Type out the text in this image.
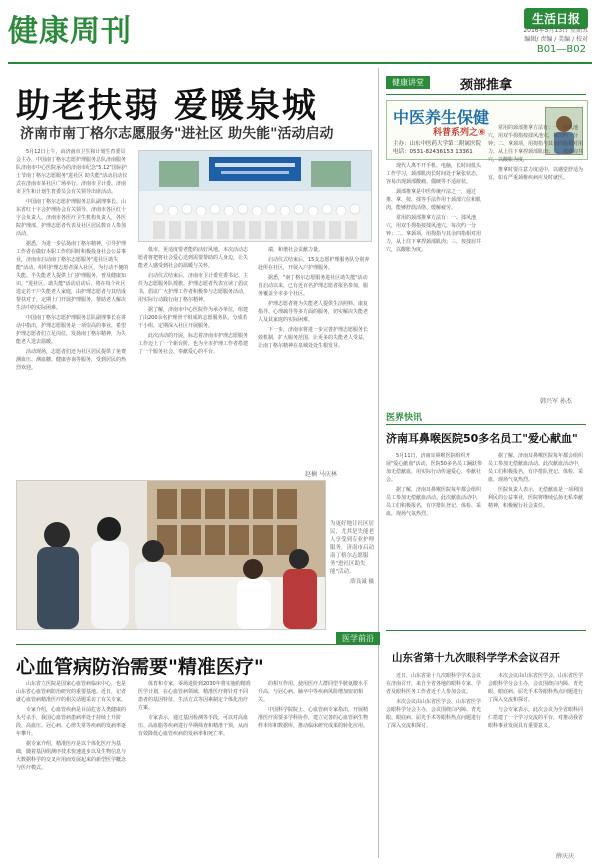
健康周刊	生活日报
2016年5月13日 星期五
编辑/ 责编 / 美编 / 校对
B01—B02
助老扶弱 爱暖泉城
济南市南丁格尔志愿服务"进社区 助失能"活动启动

5月12日上午，由济南市卫生和计划生育委员会主办，中国南丁格尔志愿护理服务总队济南服务队济南市中心医院承办的济南市纪念"5.12"国际护士节南丁格尔志愿服务"进社区 助失能"活动启动仪式在济南市某社区广场举行。济南市卫计委、济南市卫生和计划生育委员会有关领导出席活动。

中国南丁格尔志愿护理服务总队副理事长、山东省红十字会护理协会有关领导、济南市各区红十字会负责人、济南市各医疗卫生机构负责人，各医院护理部、护理志愿者代表及社区居民数百人参加活动。

据悉，为进一步弘扬南丁格尔精神，引导护理工作者在做好本职工作的同时积极投身社会公益事业，济南市启动南丁格尔志愿服务"进社区助失能"活动，组织护理志愿者深入社区，为行动不便的失能、半失能老人提供上门护理服务，普及健康知识。 "进社区、助失能"活动启动后，将在每个社区选定若干户失能老人家庭，由护理志愿者与其结成帮扶对子，定期上门开展护理服务，帮助老人解决生活中的实际困难。

中国南丁格尔志愿护理服务总队副理事长在讲话中指出，护理志愿服务是一项崇高的事业，希望护理志愿者们立足岗位，发扬南丁格尔精神，为失能老人送去温暖。

活动现场，志愿者们还为社区居民提供了免费测血压、测血糖、健康咨询等服务，受到居民的热烈欢迎。

低市，更适度要老能的活好风地。本次活动志愿者将把将社会爱心送到需要帮助的人身边，让失能老人感受到社会的温暖与关怀。

启动仪式结束后，济南市卫计委党委书记、主任为志愿服务队授旗。护理志愿者代表宣读了倡议书，倡议广大护理工作者积极参与志愿服务活动，用实际行动践行南丁格尔精神。

据了解，济南市中心医院作为承办单位，组建了由200余名护理骨干组成的志愿服务队，分成若干小组，定期深入社区开展服务。

此次活动的开展，标志着济南市护理志愿服务工作迈上了一个新台阶，也为全市护理工作者搭建了一个服务社会、奉献爱心的平台。

端，和谐社会贡献力量。

启动仪式结束后，15支志愿护理服务队分别奔赴所在社区，开展入户护理服务。

据悉，"南丁格尔志愿服务进社区助失能"活动自启动以来，已有近百名护理志愿者报名参加，服务覆盖全市多个社区。

护理志愿者将为失能老人提供生活照料、康复指导、心理疏导等多方面的服务，切实解决失能老人及其家庭的实际困难。

下一步，济南市将进一步完善护理志愿服务长效机制，扩大服务范围，让更多的失能老人受益，让南丁格尔精神在泉城处处生根发芽。

赵楠 马庆林
为更好地让社区居民，尤其是失能老人享受到专业护理服务，济南市启动南丁格尔志愿服务"进社区助失能"活动。
薛良诚 摄
医学前沿
心血管病防治需要"精准医疗"

山东省立医院是国家心血管病临床中心，也是山东省心血管病防治研究的重要基地。近日，记者就心血管病精准医疗的相关话题采访了有关专家。

专家介绍，心血管疾病是目前危害人类健康的头号杀手，我国心血管病患病率处于持续上升阶段，高血压、冠心病、心律失常等疾病的发病率逐年攀升。

据专家介绍，精准医疗是以个体化医疗为基础，随着基因组测序技术快速进步以及生物信息与大数据科学的交叉应用而发展起来的新型医学概念与医疗模式。

体育和专家，零场进阶到2030年将实施的精准医学计划，在心血管病领域，精准医疗将针对不同患者的基因特征、生活方式等因素制定个体化治疗方案。

专家表示，通过基因检测等手段，可以对高血压、高血脂等疾病进行早期筛查和精准干预，从而有效降低心血管疾病的发病率和死亡率。

的相互作用。使用医疗人群同型半胱氨酸水平升高，与冠心病、脑卒中等疾病风险增加密切相关。

中国科学院院士、心血管病专家指出，开展精准医疗需要多学科协作，建立完善的心血管病生物样本库和数据库，推动临床研究成果的转化应用。

健康讲堂	颈部推拿
中医养生保健
科普系列之⑥
主办：山东中医药大学第二附属医院
电话：0531-82436153 13361

现代人离不开手机、电脑，长时间低头工作学习，颈部肌肉长时间处于紧张状态，容易出现颈部酸痛、僵硬等不适症状。

颈部推拿是中医传统疗法之一，通过推、拿、按、揉等手法作用于颈部穴位和肌肉，能够舒筋活络、缓解疲劳。

常用的颈部推拿方法有：一、揉风池穴，用双手拇指按揉风池穴，每次约一分钟；二、拿颈项，用拇指与其余四指相对用力，从上往下拿捏颈部肌肉；三、按揉肩井穴，以酸胀为度。

常用的颈部推拿方法有：一、揉风池穴，用双手拇指按揉风池穴，每次约一分钟；二、拿颈项，用拇指与其余四指相对用力，从上往下拿捏颈部肌肉；三、按揉肩井穴，以酸胀为度。

推拿时要注意力度适中，以感觉舒适为宜，如有严重颈椎疾病应及时就医。

韩兴军 孙杰
医界快讯
济南耳鼻喉医院50多名员工"爱心献血"

5月11日，济南耳鼻喉医院组织开展"爱心献血"活动，医院50多名员工踊跃参加无偿献血，用实际行动传递爱心，奉献社会。

据了解，济南耳鼻喉医院每年都会组织员工参加无偿献血活动。此次献血活动中，员工们积极报名，有序排队登记、体检、采血，现场气氛热烈。

据了解，济南耳鼻喉医院每年都会组织员工参加无偿献血活动。此次献血活动中，员工们积极报名，有序排队登记、体检、采血，现场气氛热烈。

医院负责人表示，无偿献血是一项利国利民的公益事业，医院将继续弘扬无私奉献精神，积极履行社会责任。

山东省第十九次眼科学学术会议召开

近日，山东省第十九次眼科学学术会议在济南召开，来自全省各地的眼科专家、学者及眼科医务工作者近千人参加会议。

本次会议由山东省医学会、山东省医学会眼科学分会主办，会议围绕白内障、青光眼、眼底病、屈光手术等眼科热点问题进行了深入交流和探讨。

本次会议由山东省医学会、山东省医学会眼科学分会主办，会议围绕白内障、青光眼、眼底病、屈光手术等眼科热点问题进行了深入交流和探讨。

与会专家表示，此次会议为全省眼科同仁搭建了一个学习交流的平台，对推动我省眼科事业发展具有重要意义。

薛庆庆
